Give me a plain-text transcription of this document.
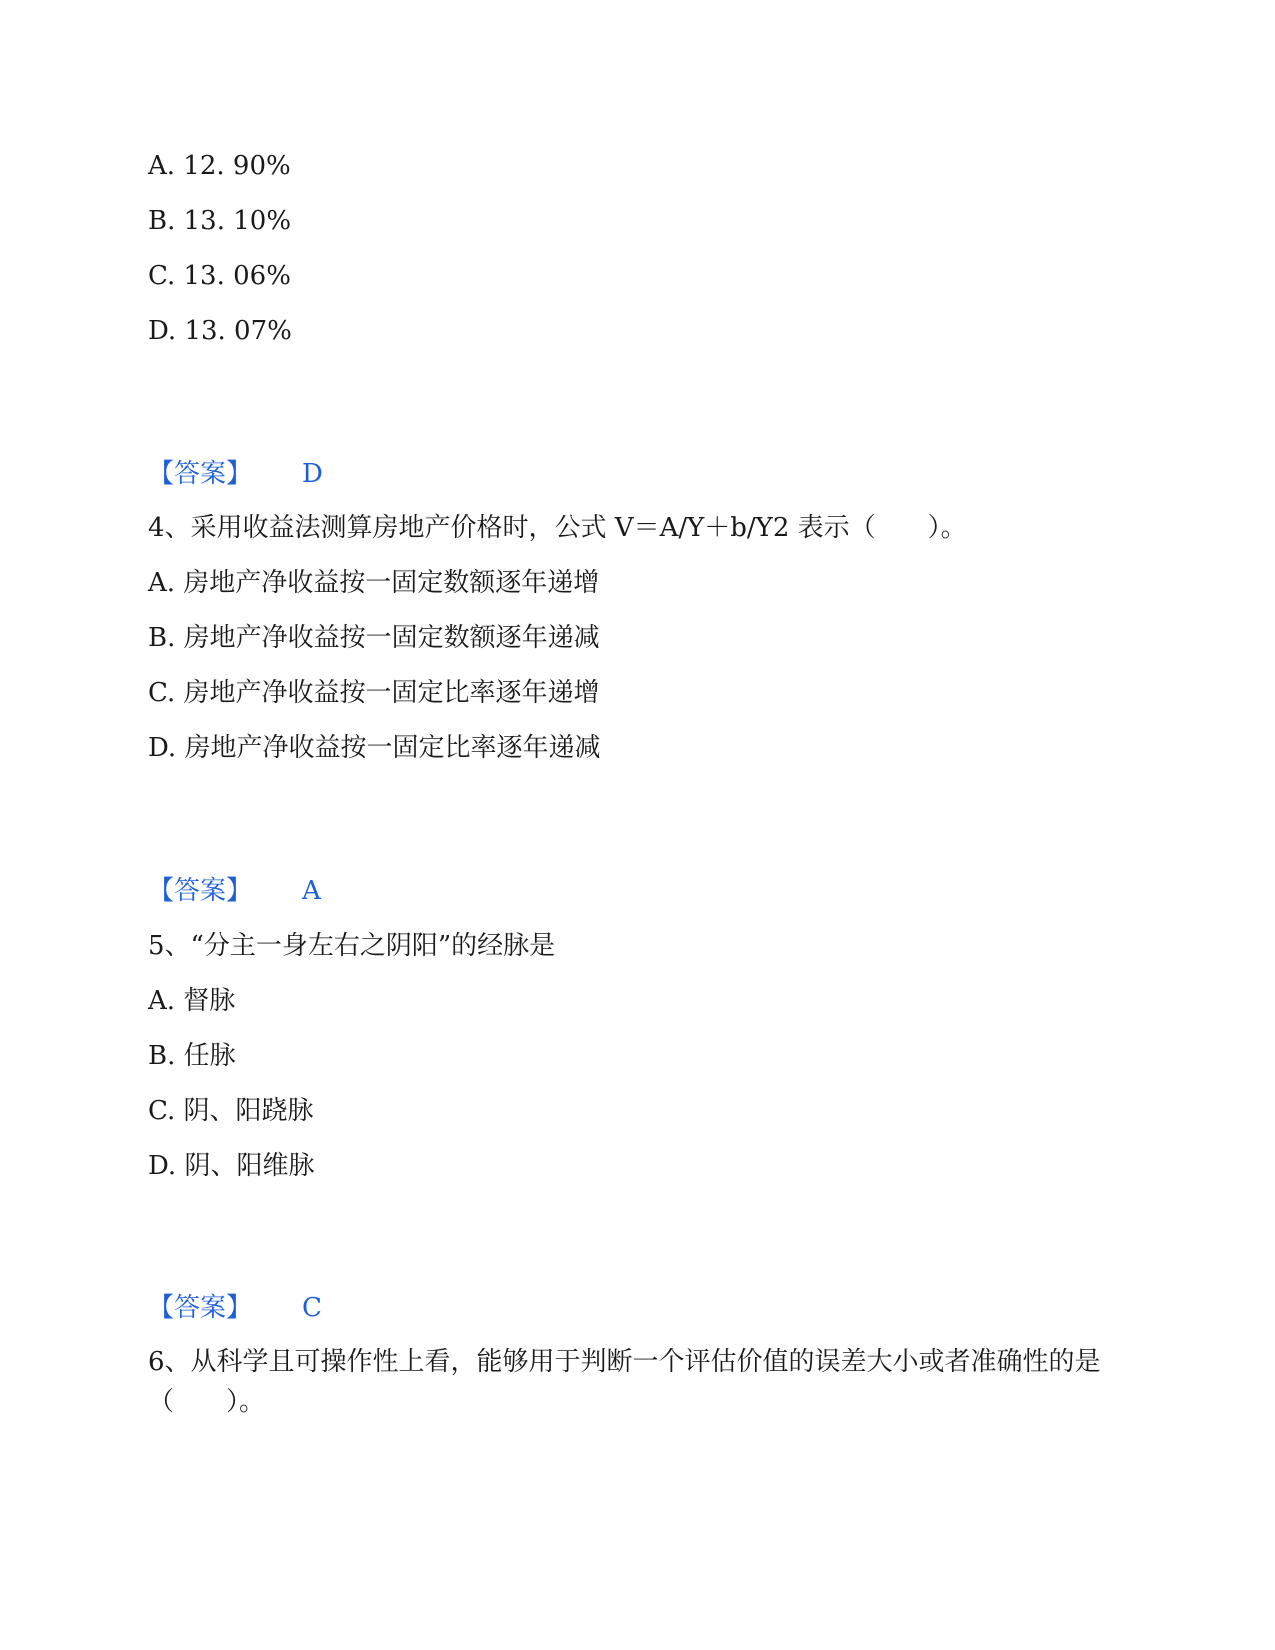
A. 12. 90%
B. 13. 10%
C. 13. 06%
D. 13. 07%
【答案】 D
4、采用收益法测算房地产价格时，公式 V＝A/Y＋b/Y2 表示（　　）。
A. 房地产净收益按一固定数额逐年递增
B. 房地产净收益按一固定数额逐年递减
C. 房地产净收益按一固定比率逐年递增
D. 房地产净收益按一固定比率逐年递减
【答案】 A
5、“分主一身左右之阴阳”的经脉是
A. 督脉
B. 任脉
C. 阴、阳跷脉
D. 阴、阳维脉
【答案】 C
6、从科学且可操作性上看，能够用于判断一个评估价值的误差大小或者准确性的是（　　）。
